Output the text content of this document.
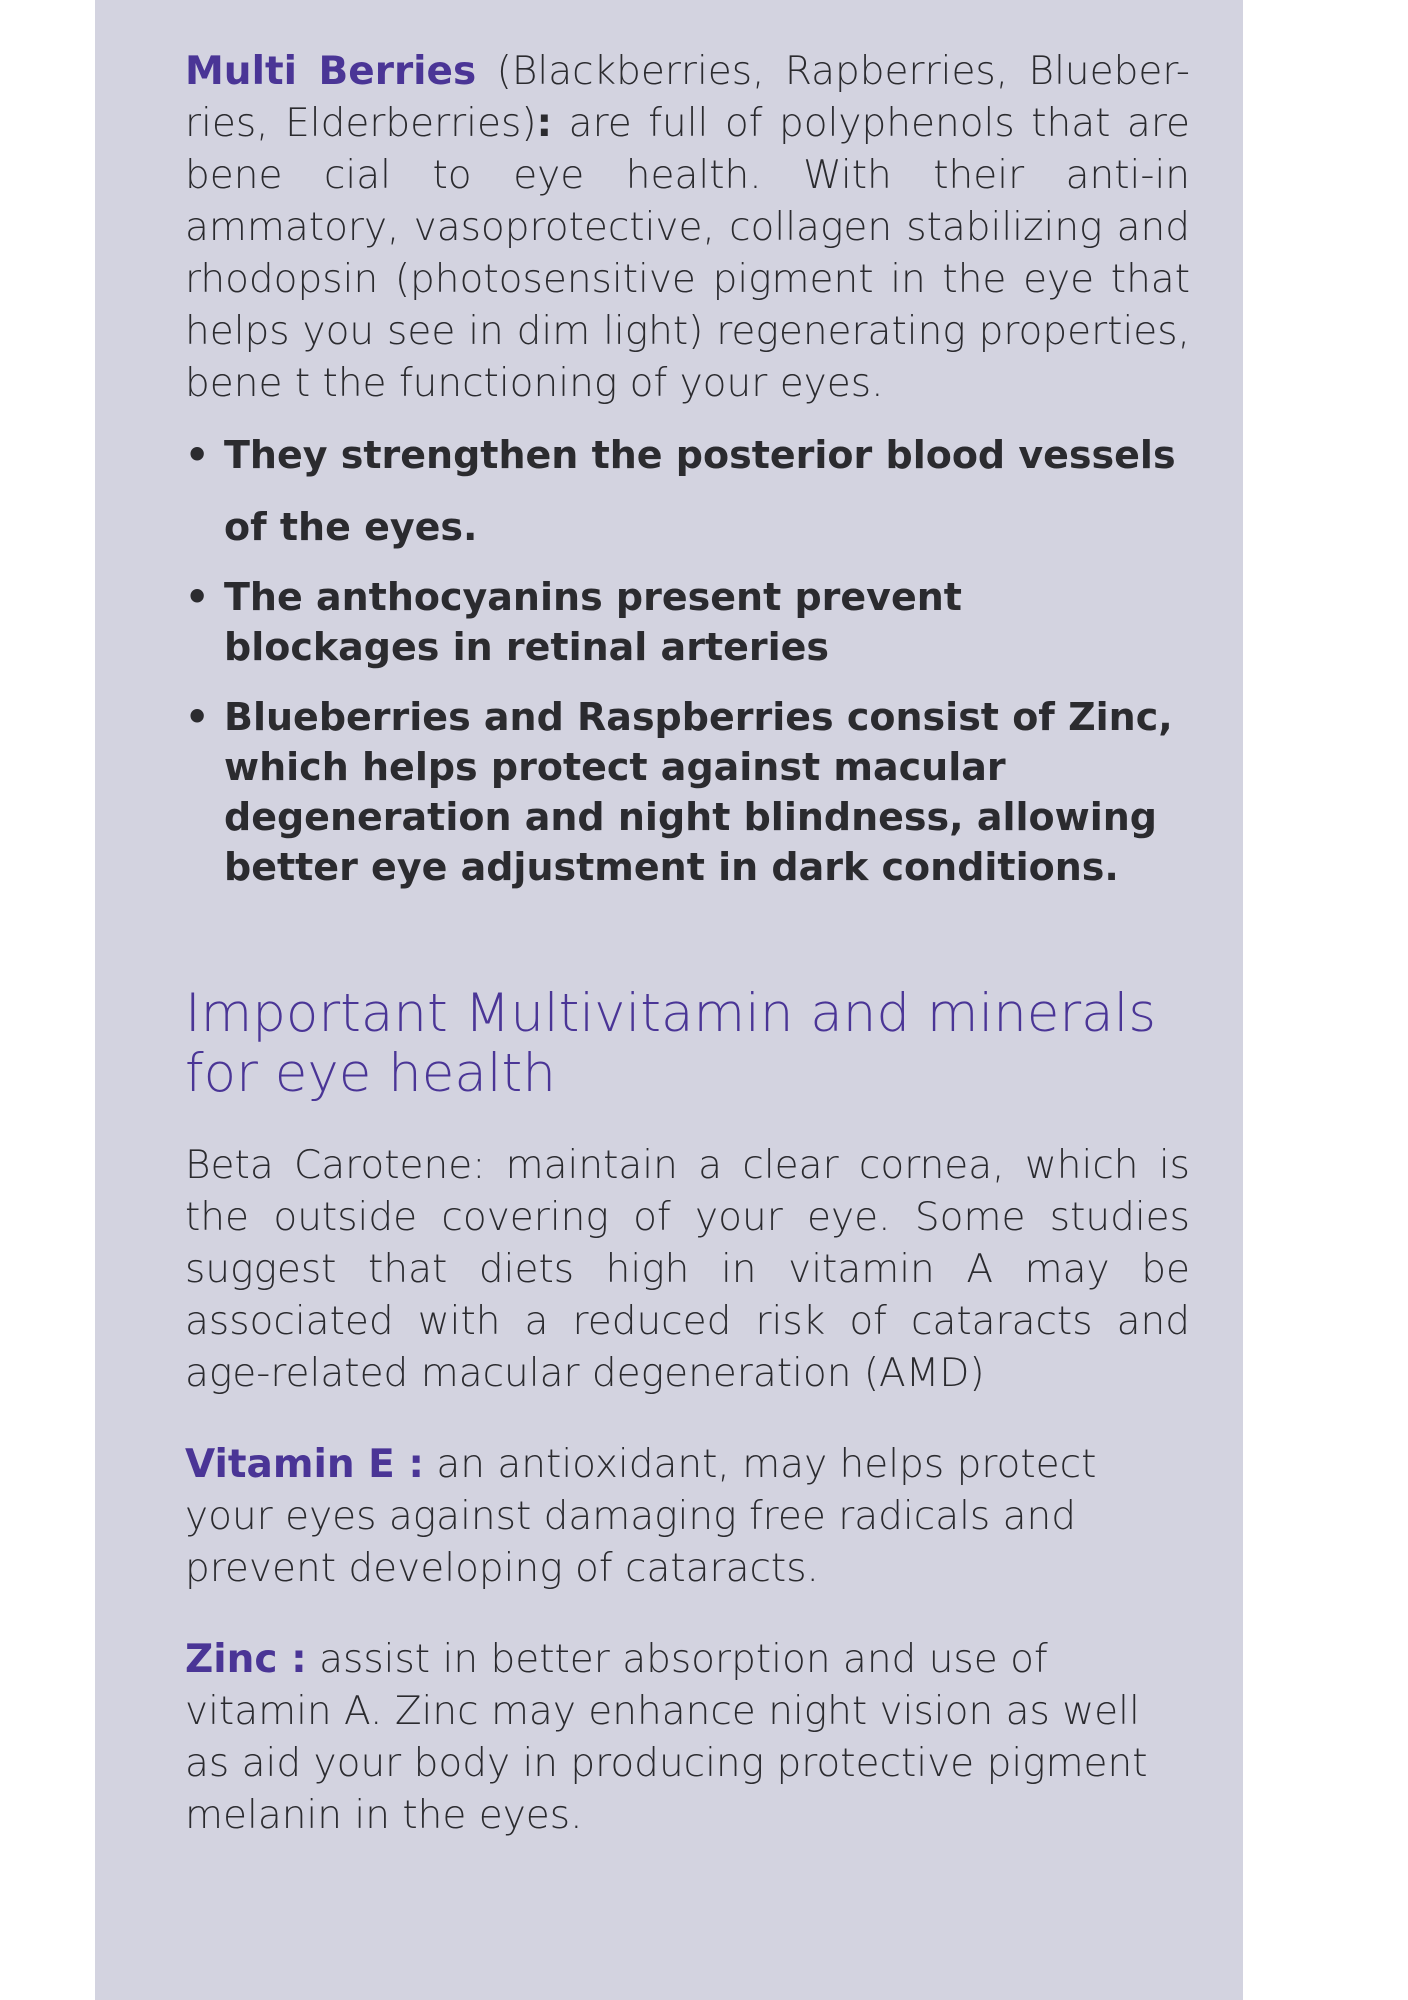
Multi Berries (Blackberries, Rapberries, Blueber-ries, Elderberries): are full of polyphenols that are bene cial to eye health. With their anti-in ammatory, vasoprotective, collagen stabilizing and rhodopsin (photosensitive pigment in the eye that helps you see in dim light) regenerating properties, bene t the functioning of your eyes.

• They strengthen the posterior blood vessels
of the eyes.
• The anthocyanins present prevent blockages in retinal arteries
• Blueberries and Raspberries consist of Zinc, which helps protect against macular degeneration and night blindness, allowing better eye adjustment in dark conditions.
Important Multivitamin and minerals for eye health

Beta Carotene: maintain a clear cornea, which is the outside covering of your eye. Some studies suggest that diets high in vitamin A may be associated with a reduced risk of cataracts and age-related macular degeneration (AMD)

Vitamin E : an antioxidant, may helps protect your eyes against damaging free radicals and prevent developing of cataracts.

Zinc : assist in better absorption and use of vitamin A. Zinc may enhance night vision as well as aid your body in producing protective pigment melanin in the eyes.
